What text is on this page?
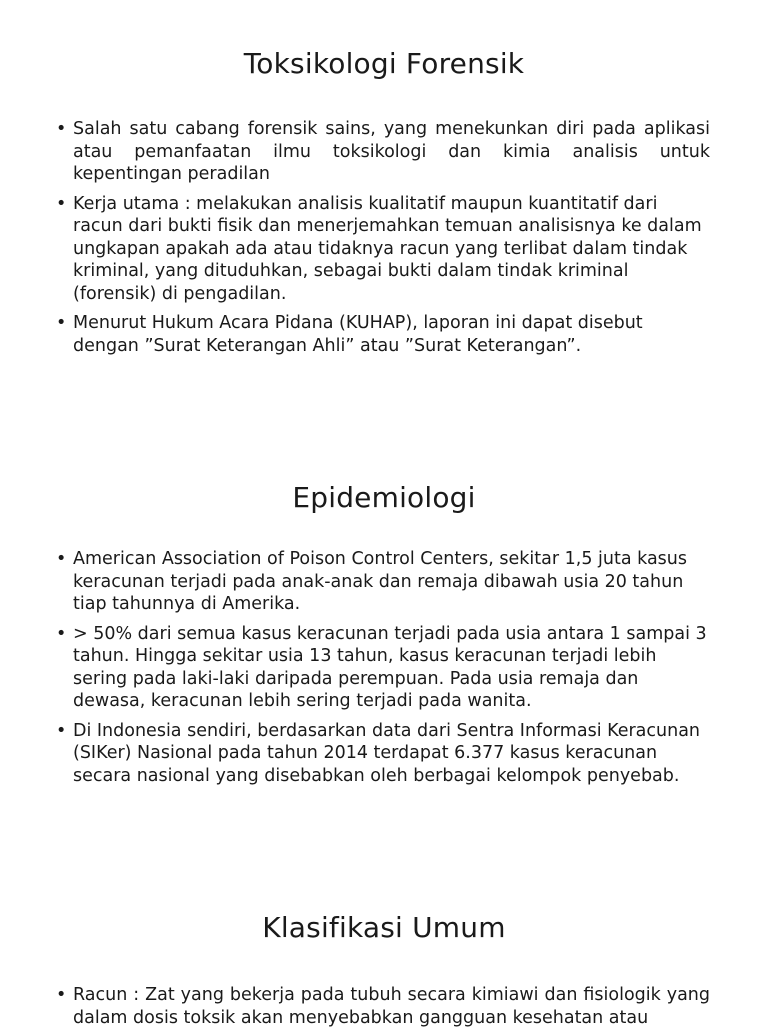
Toksikologi Forensik
• Salah satu cabang forensik sains, yang menekunkan diri pada aplikasi atau pemanfaatan ilmu toksikologi dan kimia analisis untuk kepentingan peradilan
• Kerja utama : melakukan analisis kualitatif maupun kuantitatif dari racun dari bukti fisik dan menerjemahkan temuan analisisnya ke dalam ungkapan apakah ada atau tidaknya racun yang terlibat dalam tindak kriminal, yang dituduhkan, sebagai bukti dalam tindak kriminal (forensik) di pengadilan.
• Menurut Hukum Acara Pidana (KUHAP), laporan ini dapat disebut dengan ”Surat Keterangan Ahli” atau ”Surat Keterangan”.
Epidemiologi
• American Association of Poison Control Centers, sekitar 1,5 juta kasus keracunan terjadi pada anak-anak dan remaja dibawah usia 20 tahun tiap tahunnya di Amerika.
• > 50% dari semua kasus keracunan terjadi pada usia antara 1 sampai 3 tahun. Hingga sekitar usia 13 tahun, kasus keracunan terjadi lebih sering pada laki-laki daripada perempuan. Pada usia remaja dan dewasa, keracunan lebih sering terjadi pada wanita.
• Di Indonesia sendiri, berdasarkan data dari Sentra Informasi Keracunan (SIKer) Nasional pada tahun 2014 terdapat 6.377 kasus keracunan secara nasional yang disebabkan oleh berbagai kelompok penyebab.
Klasifikasi Umum
• Racun : Zat yang bekerja pada tubuh secara kimiawi dan fisiologik yang dalam dosis toksik akan menyebabkan gangguan kesehatan atau
